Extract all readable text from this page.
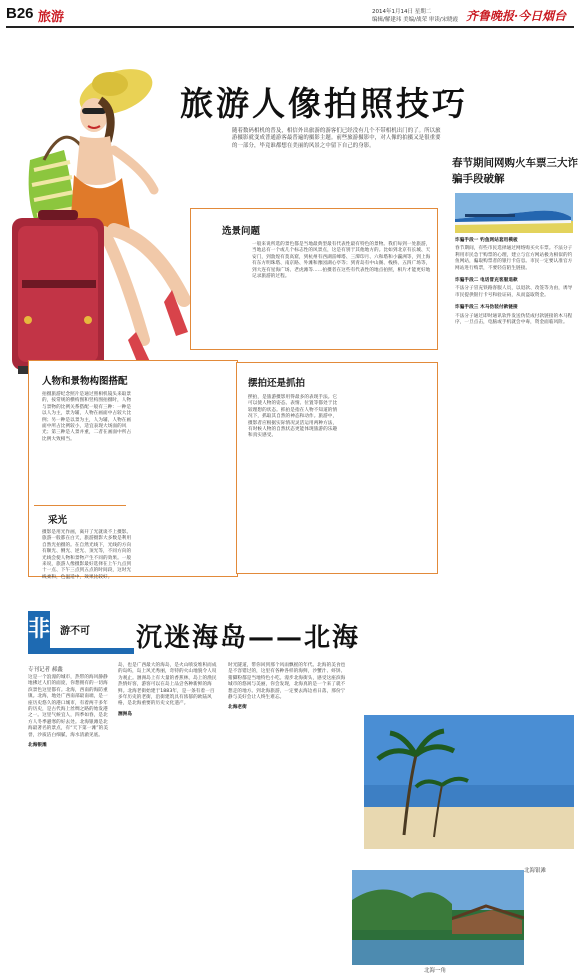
B26 旅游	2014年1月14日 星期二
编辑/解建玮 美编/战荣 审读/宋晓霞 齐鲁晚报·今日烟台
旅游人像拍照技巧
随着数码相机的普及，相信外出旅游的游客们已经没有几个不带相机出门的了。所以旅游摄影就变成普通游客最普遍的摄影主题。前些旅游摄影中，对人像的拍摄又是很重要的一部分，毕竟谁都想在美丽的风景之中留下自己的身影。
春节期间网购火车票三大诈骗手段破解
诈骗手段一 钓鱼网站套用模板
春节期间，有些市民选择通过网络购买火车票。不法分子利用市民急于购票的心理，建立与官方网站极为相似的钓鱼网站，骗取购票者的银行卡信息。市民一定要认准官方网站进行购票，不要轻信陌生链接。
诈骗手段二 电话冒充客服退款
不法分子冒充铁路客服人员，以退款、改签等为由，诱导市民提供银行卡号和验证码，从而盗取资金。
诈骗手段三 木马伪装付款链接
不法分子通过即时通讯软件发送伪装成付款链接的木马程序，一旦点击，电脑或手机就会中毒，资金面临风险。
选景问题
一般来说所选的景色都是当地最典型最有代表性最有特色的景物。我们每到一处旅游，当地总有一个或几个标志性的风景点，这是有别于其他地方的。比如到北京有长城、天安门，到敦煌有莫高窟，到杭州有西湖雷峰塔、三潭印月、六和塔和小瀛洲等，到上海有东方明珠塔、南京路、外滩和豫园湖心亭等；到青岛有中山阁、栈桥、五四广场等，到大连有星海广场、老虎滩等……拍摄者在这些有代表性的地点拍照，相片才能更好地记录旅游的过程。
人物和景物构图搭配
拍摄旅游纪念照片是通过照相机镜头来取景的，按常规的横构图和竖构图拍摄时，人物与景物的比例关系搭配一般有三种：一种是以人为主，景为辅，人物在画面中占较大比例；另一种是以景为主，人为辅，人物在画面中所占比例较小，适宜表现大场面的风光；第三种是人景并重，二者在画面中所占比例大致相当。
采光
摄影是用光作画，离开了光就谈不上摄影。旅游一般都在白天，旅游摄影大多数是利用自然光拍摄的。在自然光线下，光线的方向有顺光、侧光、逆光、顶光等，不同方向的光线会使人物和景物产生不同的效果。一般来说，旅游人像摄影最好选择在上午九点到十一点、下午三点到五点的时间段，这时光线柔和，色温适中，效果比较好。
摆拍还是抓拍
摆拍，是旅游摄影用得最多的表现手法。它可以使人物的姿态、表情、位置等都处于比较理想的状态。抓拍是指在人物不知道的情况下，抓取其自然的神态和动作。旅游中，摄影者应根据实际情况灵活运用两种方法，有时候人物的自然状态更能体现旅游的乐趣和真实感受。
非 游不可 沉迷海岛——北海
专刊记者 郝鑫
这是一个浪漫的城市，热带的海风静静地拂过人们的面庞，你想拥有的一切海滨景色这里都有。北海，西南的海防重镇。北海，地处广西南部最南端，是一座历史悠久的港口城市，有着两千多年的历史，是古代海上丝绸之路的始发港之一。这里气候宜人，四季如春，是北方人冬季避寒的好去处。北海银滩是北海最著名的景点，有“天下第一滩”的美誉，沙质洁白细腻，海水清澈见底。
北海银滩
岛，也是广西最大的海岛，是火山喷发堆积而成的岛屿，岛上风光秀丽，奇特的火山地貌令人叹为观止。涠洲岛上有大量的香蕉林，岛上的渔民热情好客，游客可以在岛上品尝各种新鲜的海鲜。北海老街始建于1883年，是一条有着一百多年历史的老街，沿街建筑具有浓郁的欧陆风格，是北海重要的历史文化遗产。
涠洲岛
时光隧道，带你回到那个风雨飘摇的年代。北海的美食也是不容错过的，这里有各种各样的海鲜，沙蟹汁、虾饼、猪脚粉都是当地特色小吃。漫步北海街头，感受这座滨海城市的悠闲与美丽，你会发现，北海真的是一个来了就不想走的地方。到北海旅游，一定要去海边看日落，那份宁静与美好会让人终生难忘。
北海老街
北海银滩
北海一角
